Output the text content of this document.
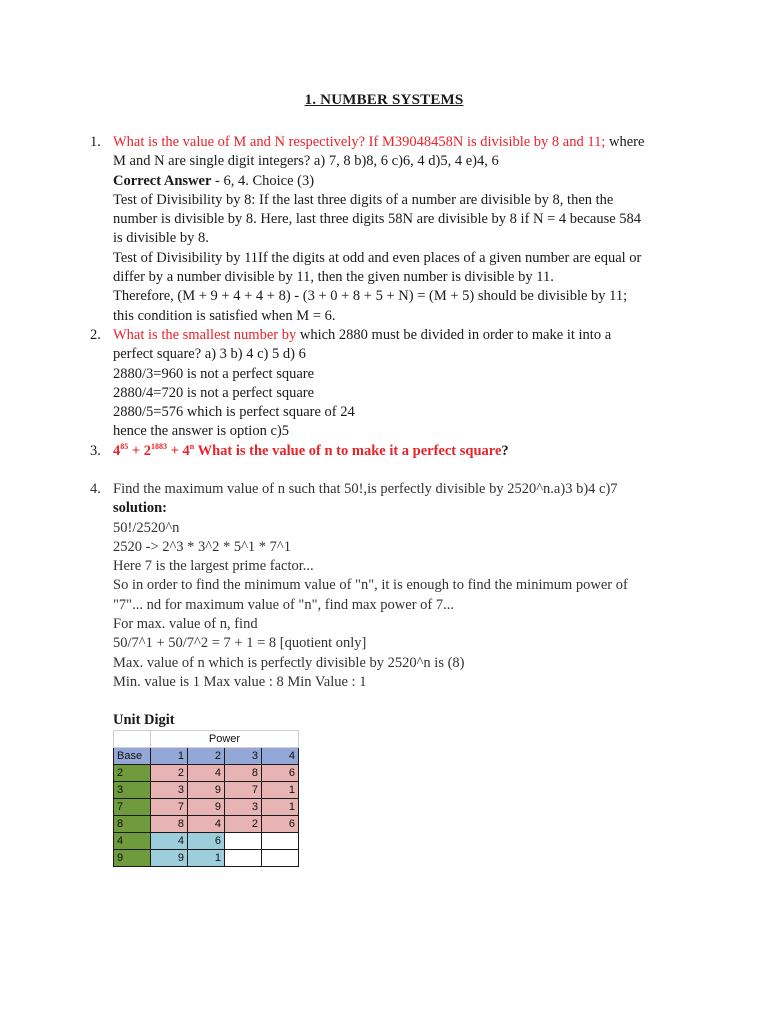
1. NUMBER SYSTEMS
1. What is the value of M and N respectively? If M39048458N is divisible by 8 and 11; where
M and N are single digit integers? a) 7, 8 b)8, 6 c)6, 4 d)5, 4 e)4, 6
Correct Answer - 6, 4. Choice (3)
Test of Divisibility by 8: If the last three digits of a number are divisible by 8, then the
number is divisible by 8. Here, last three digits 58N are divisible by 8 if N = 4 because 584
is divisible by 8.
Test of Divisibility by 11If the digits at odd and even places of a given number are equal or
differ by a number divisible by 11, then the given number is divisible by 11.
Therefore, (M + 9 + 4 + 4 + 8) - (3 + 0 + 8 + 5 + N) = (M + 5) should be divisible by 11;
this condition is satisfied when M = 6.
2. What is the smallest number by which 2880 must be divided in order to make it into a
perfect square? a) 3 b) 4 c) 5 d) 6
2880/3=960 is not a perfect square
2880/4=720 is not a perfect square
2880/5=576 which is perfect square of 24
hence the answer is option c)5
3. $4^{85} + 2^{1883} + 4^n$ What is the value of n to make it a perfect square?
4. Find the maximum value of n such that 50!,is perfectly divisible by 2520^n.a)3 b)4 c)7
solution:
50!/2520^n
2520 -> 2^3 * 3^2 * 5^1 * 7^1
Here 7 is the largest prime factor...
So in order to find the minimum value of "n", it is enough to find the minimum power of
"7"... nd for maximum value of "n", find max power of 7...
For max. value of n, find
50/7^1 + 50/7^2 = 7 + 1 = 8 [quotient only]
Max. value of n which is perfectly divisible by 2520^n is (8)
Min. value is 1 Max value : 8 Min Value : 1
Unit Digit
	Power			
Base	1	2	3	4
2	2	4	8	6
3	3	9	7	1
7	7	9	3	1
8	8	4	2	6
4	4	6		
9	9	1		
